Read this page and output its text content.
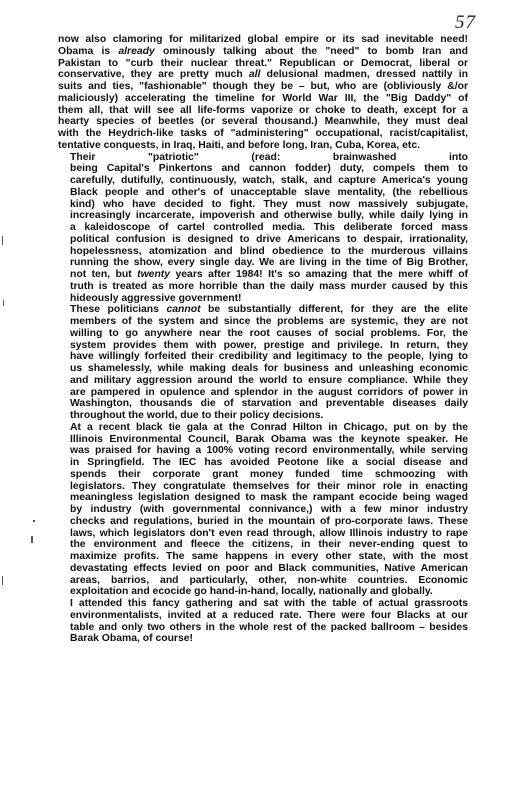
57

now also clamoring for militarized global empire or its sad inevitable need!
Obama is already ominously talking about the "need" to bomb Iran and
Pakistan to "curb their nuclear threat." Republican or Democrat, liberal or
conservative, they are pretty much all delusional madmen, dressed nattily in
suits and ties, "fashionable" though they be – but, who are (obliviously &/or
maliciously) accelerating the timeline for World War III, the "Big Daddy" of
them all, that will see all life-forms vaporize or choke to death, except for a
hearty species of beetles (or several thousand.) Meanwhile, they must deal
with the Heydrich-like tasks of "administering" occupational, racist/capitalist,
tentative conquests, in Iraq, Haiti, and before long, Iran, Cuba, Korea, etc.

Their "patriotic" (read: brainwashed into
being Capital's Pinkertons and cannon fodder) duty, compels them to
carefully, dutifully, continuously, watch, stalk, and capture America's young
Black people and other's of unacceptable slave mentality, (the rebellious
kind) who have decided to fight. They must now massively subjugate,
increasingly incarcerate, impoverish and otherwise bully, while daily lying in
a kaleidoscope of cartel controlled media. This deliberate forced mass
political confusion is designed to drive Americans to despair, irrationality,
hopelessness, atomization and blind obedience to the murderous villains
running the show, every single day. We are living in the time of Big Brother,
not ten, but twenty years after 1984! It's so amazing that the mere whiff of
truth is treated as more horrible than the daily mass murder caused by this
hideously aggressive government!

These politicians cannot be substantially different, for they are the elite
members of the system and since the problems are systemic, they are not
willing to go anywhere near the root causes of social problems. For, the
system provides them with power, prestige and privilege. In return, they
have willingly forfeited their credibility and legitimacy to the people, lying to
us shamelessly, while making deals for business and unleashing economic
and military aggression around the world to ensure compliance. While they
are pampered in opulence and splendor in the august corridors of power in
Washington, thousands die of starvation and preventable diseases daily
throughout the world, due to their policy decisions.

At a recent black tie gala at the Conrad Hilton in Chicago, put on by the
Illinois Environmental Council, Barak Obama was the keynote speaker. He
was praised for having a 100% voting record environmentally, while serving
in Springfield. The IEC has avoided Peotone like a social disease and
spends their corporate grant money funded time schmoozing with
legislators. They congratulate themselves for their minor role in enacting
meaningless legislation designed to mask the rampant ecocide being waged
by industry (with governmental connivance,) with a few minor industry
checks and regulations, buried in the mountain of pro-corporate laws. These
laws, which legislators don't even read through, allow Illinois industry to rape
the environment and fleece the citizens, in their never-ending quest to
maximize profits. The same happens in every other state, with the most
devastating effects levied on poor and Black communities, Native American
areas, barrios, and particularly, other, non-white countries. Economic
exploitation and ecocide go hand-in-hand, locally, nationally and globally.

I attended this fancy gathering and sat with the table of actual grassroots
environmentalists, invited at a reduced rate. There were four Blacks at our
table and only two others in the whole rest of the packed ballroom – besides
Barak Obama, of course!
